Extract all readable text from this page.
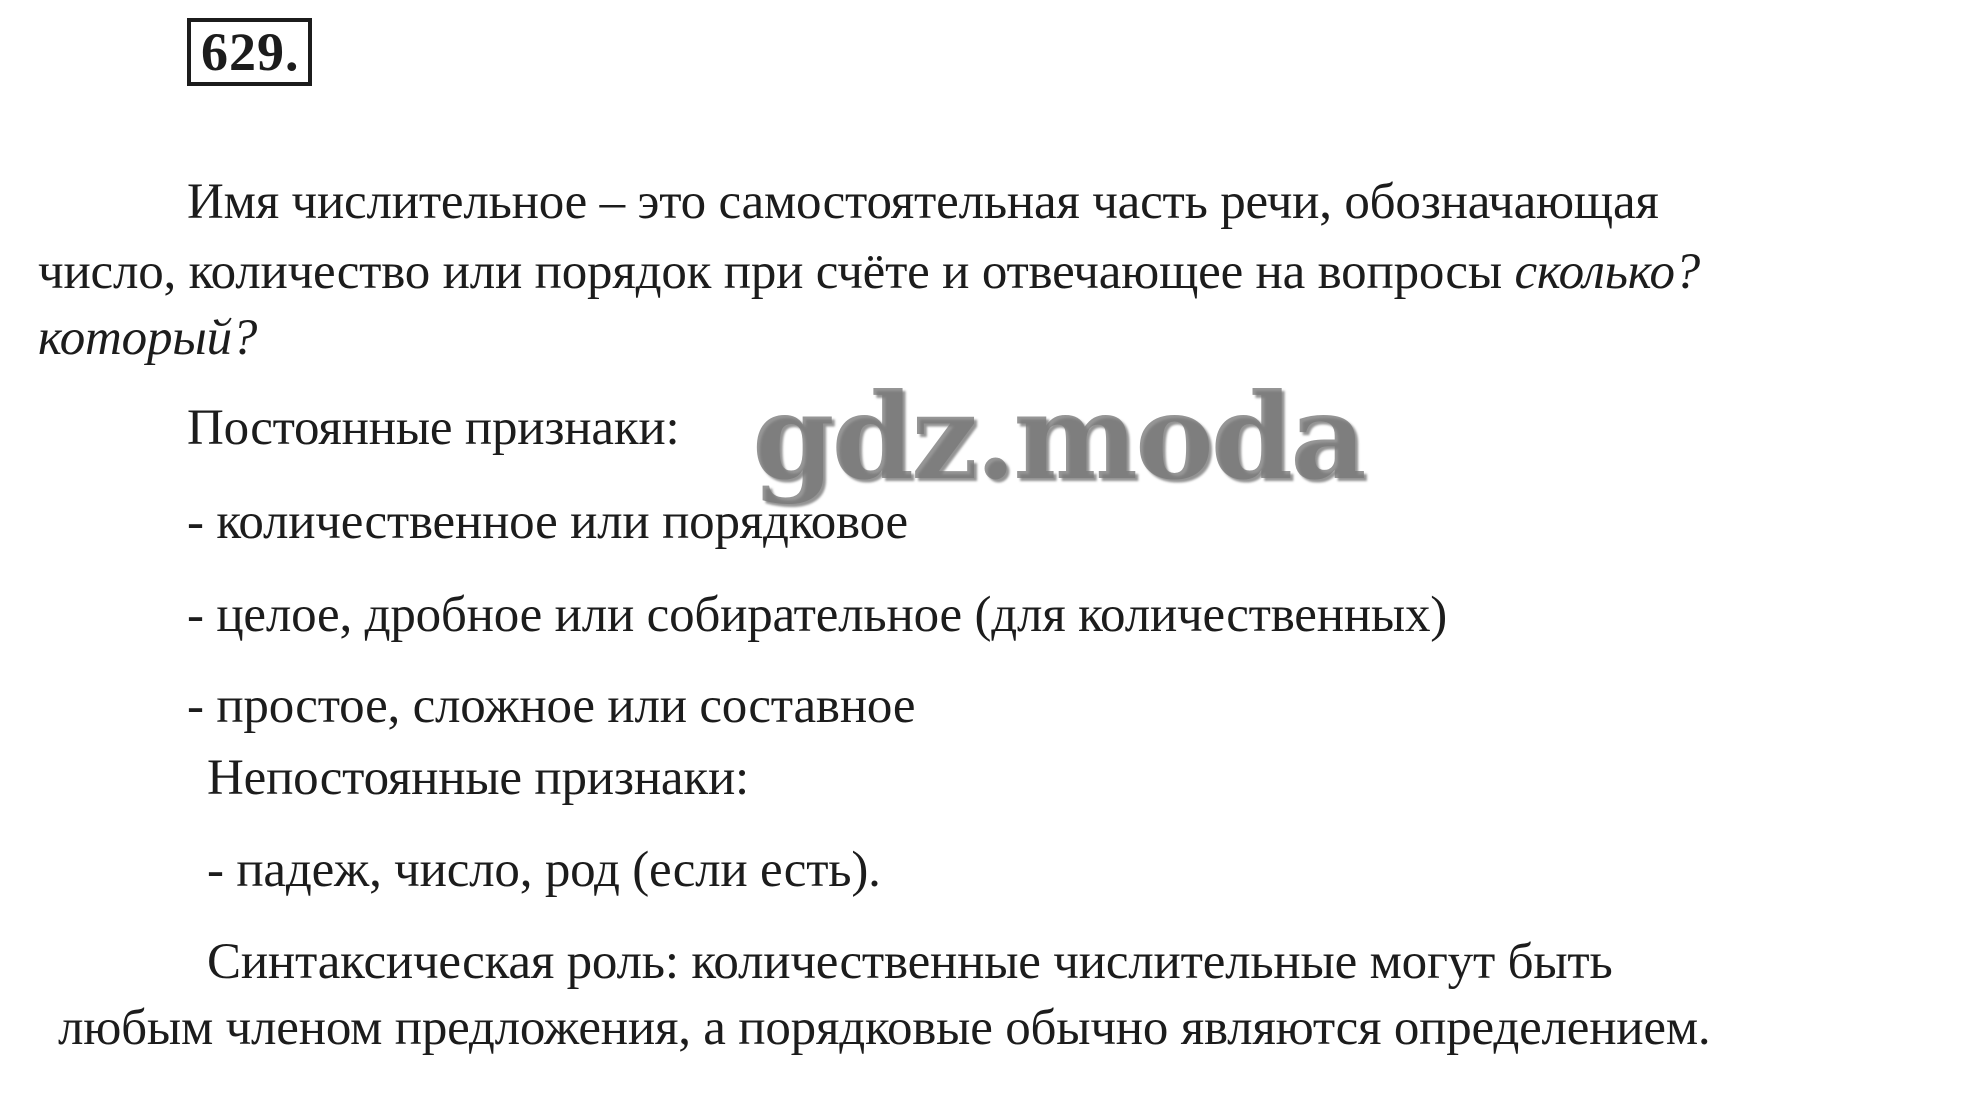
629.
Имя числительное – это самостоятельная часть речи, обозначающая
число, количество или порядок при счёте и отвечающее на вопросы сколько?
который?
Постоянные признаки:
- количественное или порядковое
- целое, дробное или собирательное (для количественных)
- простое, сложное или составное
Непостоянные признаки:
- падеж, число, род (если есть).
Синтаксическая роль: количественные числительные могут быть
любым членом предложения, а порядковые обычно являются определением.
gdz.moda
